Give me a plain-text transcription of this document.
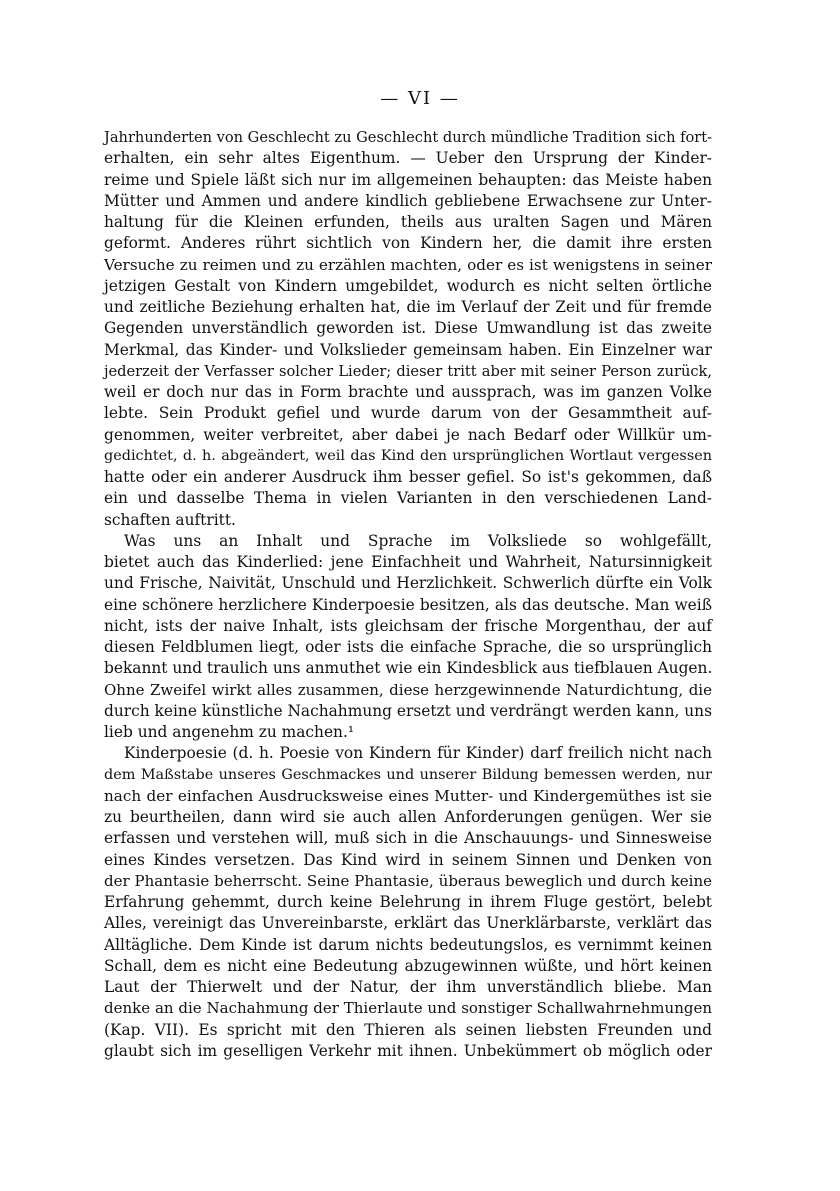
— VI —
Jahrhunderten von Geschlecht zu Geschlecht durch mündliche Tradition sich fort-
erhalten, ein sehr altes Eigenthum. — Ueber den Ursprung der Kinder-
reime und Spiele läßt sich nur im allgemeinen behaupten: das Meiste haben
Mütter und Ammen und andere kindlich gebliebene Erwachsene zur Unter-
haltung für die Kleinen erfunden, theils aus uralten Sagen und Mären
geformt. Anderes rührt sichtlich von Kindern her, die damit ihre ersten
Versuche zu reimen und zu erzählen machten, oder es ist wenigstens in seiner
jetzigen Gestalt von Kindern umgebildet, wodurch es nicht selten örtliche
und zeitliche Beziehung erhalten hat, die im Verlauf der Zeit und für fremde
Gegenden unverständlich geworden ist. Diese Umwandlung ist das zweite
Merkmal, das Kinder- und Volkslieder gemeinsam haben. Ein Einzelner war
jederzeit der Verfasser solcher Lieder; dieser tritt aber mit seiner Person zurück,
weil er doch nur das in Form brachte und aussprach, was im ganzen Volke
lebte. Sein Produkt gefiel und wurde darum von der Gesammtheit auf-
genommen, weiter verbreitet, aber dabei je nach Bedarf oder Willkür um-
gedichtet, d. h. abgeändert, weil das Kind den ursprünglichen Wortlaut vergessen
hatte oder ein anderer Ausdruck ihm besser gefiel. So ist's gekommen, daß
ein und dasselbe Thema in vielen Varianten in den verschiedenen Land-
schaften auftritt.
Was uns an Inhalt und Sprache im Volksliede so wohlgefällt,
bietet auch das Kinderlied: jene Einfachheit und Wahrheit, Natursinnigkeit
und Frische, Naivität, Unschuld und Herzlichkeit. Schwerlich dürfte ein Volk
eine schönere herzlichere Kinderpoesie besitzen, als das deutsche. Man weiß
nicht, ists der naive Inhalt, ists gleichsam der frische Morgenthau, der auf
diesen Feldblumen liegt, oder ists die einfache Sprache, die so ursprünglich
bekannt und traulich uns anmuthet wie ein Kindesblick aus tiefblauen Augen.
Ohne Zweifel wirkt alles zusammen, diese herzgewinnende Naturdichtung, die
durch keine künstliche Nachahmung ersetzt und verdrängt werden kann, uns
lieb und angenehm zu machen.¹
Kinderpoesie (d. h. Poesie von Kindern für Kinder) darf freilich nicht nach
dem Maßstabe unseres Geschmackes und unserer Bildung bemessen werden, nur
nach der einfachen Ausdrucksweise eines Mutter- und Kindergemüthes ist sie
zu beurtheilen, dann wird sie auch allen Anforderungen genügen. Wer sie
erfassen und verstehen will, muß sich in die Anschauungs- und Sinnesweise
eines Kindes versetzen. Das Kind wird in seinem Sinnen und Denken von
der Phantasie beherrscht. Seine Phantasie, überaus beweglich und durch keine
Erfahrung gehemmt, durch keine Belehrung in ihrem Fluge gestört, belebt
Alles, vereinigt das Unvereinbarste, erklärt das Unerklärbarste, verklärt das
Alltägliche. Dem Kinde ist darum nichts bedeutungslos, es vernimmt keinen
Schall, dem es nicht eine Bedeutung abzugewinnen wüßte, und hört keinen
Laut der Thierwelt und der Natur, der ihm unverständlich bliebe. Man
denke an die Nachahmung der Thierlaute und sonstiger Schallwahrnehmungen
(Kap. VII). Es spricht mit den Thieren als seinen liebsten Freunden und
glaubt sich im geselligen Verkehr mit ihnen. Unbekümmert ob möglich oder
